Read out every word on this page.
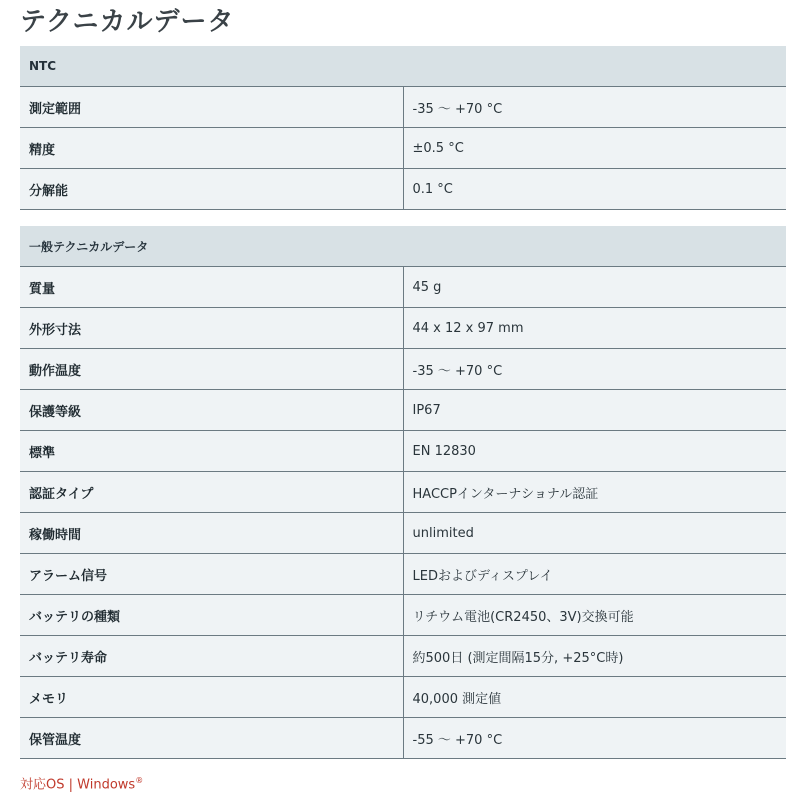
テクニカルデータ
NTC	
測定範囲	-35 ～ +70 °C
精度	±0.5 °C
分解能	0.1 °C
一般テクニカルデータ	
質量	45 g
外形寸法	44 x 12 x 97 mm
動作温度	-35 ～ +70 °C
保護等級	IP67
標準	EN 12830
認証タイプ	HACCPインターナショナル認証
稼働時間	unlimited
アラーム信号	LEDおよびディスプレイ
バッテリの種類	リチウム電池(CR2450、3V)交換可能
バッテリ寿命	約500日 (測定間隔15分, +25°C時)
メモリ	40,000 測定値
保管温度	-55 ～ +70 °C
対応OS | Windows®
